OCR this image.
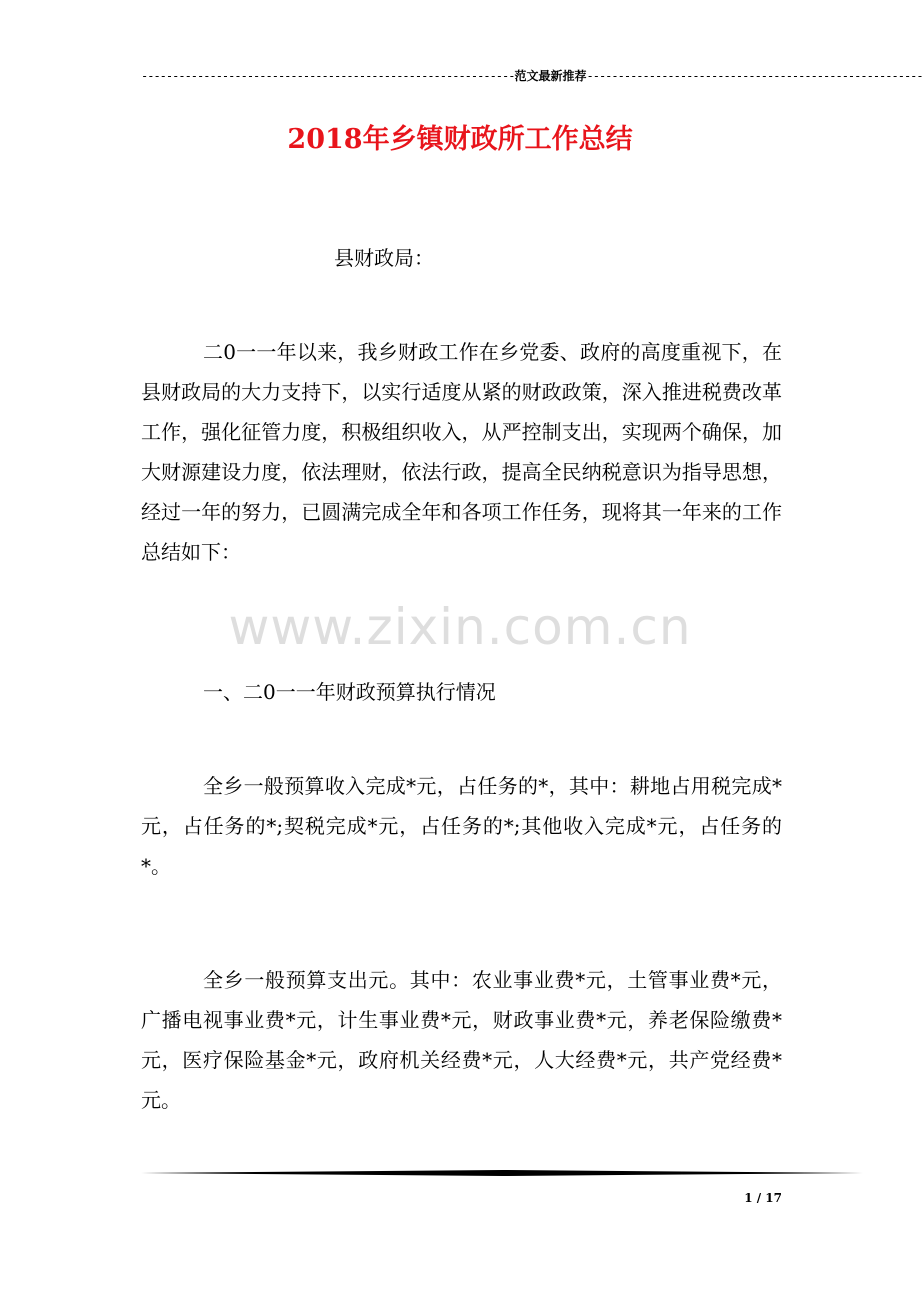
------------------------------------------------------------范文最新推荐------------------------------------------------------
2018年乡镇财政所工作总结
县财政局：

二0一一年以来，我乡财政工作在乡党委、政府的高度重视下，在县财政局的大力支持下，以实行适度从紧的财政政策，深入推进税费改革工作，强化征管力度，积极组织收入，从严控制支出，实现两个确保，加大财源建设力度，依法理财，依法行政，提高全民纳税意识为指导思想，经过一年的努力，已圆满完成全年和各项工作任务，现将其一年来的工作总结如下：

www.zixin.com.cn

一、二0一一年财政预算执行情况

全乡一般预算收入完成*元，占任务的*，其中：耕地占用税完成*元，占任务的*;契税完成*元，占任务的*;其他收入完成*元，占任务的*。

全乡一般预算支出元。其中：农业事业费*元，土管事业费*元，广播电视事业费*元，计生事业费*元，财政事业费*元，养老保险缴费*元，医疗保险基金*元，政府机关经费*元，人大经费*元，共产党经费*元。

1 / 17
